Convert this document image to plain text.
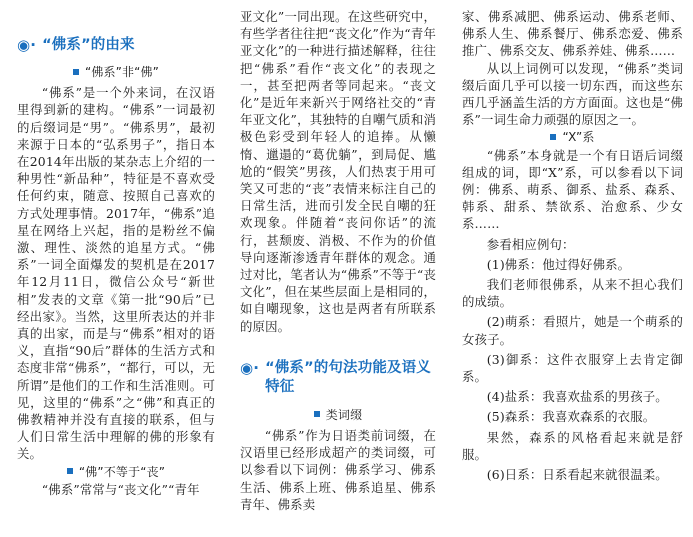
◉· “佛系”的由来
“佛系”非“佛”

“佛系”是一个外来词，在汉语里得到新的建构。“佛系”一词最初的后缀词是“男”。“佛系男”，最初来源于日本的“弘系男子”，指日本在2014年出版的某杂志上介绍的一种男性“新品种”，特征是不喜欢受任何约束，随意、按照自己喜欢的方式处理事情。2017年，“佛系”追星在网络上兴起，指的是粉丝不偏激、理性、淡然的追星方式。“佛系”一词全面爆发的契机是在2017年12月11日，微信公众号“新世相”发表的文章《第一批“90后”已经出家》。当然，这里所表达的并非真的出家，而是与“佛系”相对的语义，直指“90后”群体的生活方式和态度非常“佛系”，“都行，可以，无所谓”是他们的工作和生活准则。可见，这里的“佛系”之“佛”和真正的佛教精神并没有直接的联系，但与人们日常生活中理解的佛的形象有关。

“佛”不等于“丧”

“佛系”常常与“丧文化”“青年

亚文化”一同出现。在这些研究中，有些学者往往把“丧文化”作为“青年亚文化”的一种进行描述解释，往往把“佛系”看作“丧文化”的表现之一，甚至把两者等同起来。“丧文化”是近年来新兴于网络社交的“青年亚文化”，其独特的自嘲气质和消极色彩受到年轻人的追捧。从懒惰、邋遢的“葛优躺”，到局促、尴尬的“假笑”男孩，人们热衷于用可笑又可悲的“丧”表情来标注自己的日常生活，进而引发全民自嘲的狂欢现象。伴随着“丧问你话”的流行，甚颓废、消极、不作为的价值导向逐渐渗透青年群体的观念。通过对比，笔者认为“佛系”不等于“丧文化”，但在某些层面上是相同的，如自嘲现象，这也是两者有所联系的原因。

◉· “佛系”的句法功能及语义特征
类词缀

“佛系”作为日语类前词缀，在汉语里已经形成超产的类词缀，可以参看以下词例：佛系学习、佛系生活、佛系上班、佛系追星、佛系青年、佛系卖

家、佛系减肥、佛系运动、佛系老师、佛系人生、佛系餐厅、佛系恋爱、佛系推广、佛系交友、佛系养娃、佛系……

从以上词例可以发现，“佛系”类词缀后面几乎可以接一切东西，而这些东西几乎涵盖生活的方方面面。这也是“佛系”一词生命力顽强的原因之一。

“X”系

“佛系”本身就是一个有日语后词缀组成的词，即“X”系，可以参看以下词例：佛系、萌系、御系、盐系、森系、韩系、甜系、禁欲系、治愈系、少女系……

参看相应例句：

(1)佛系：他过得好佛系。

我们老师很佛系，从来不担心我们的成绩。

(2)萌系：看照片，她是一个萌系的女孩子。

(3)御系：这件衣服穿上去肯定御系。

(4)盐系：我喜欢盐系的男孩子。

(5)森系：我喜欢森系的衣服。

果然，森系的风格看起来就是舒服。

(6)日系：日系看起来就很温柔。
